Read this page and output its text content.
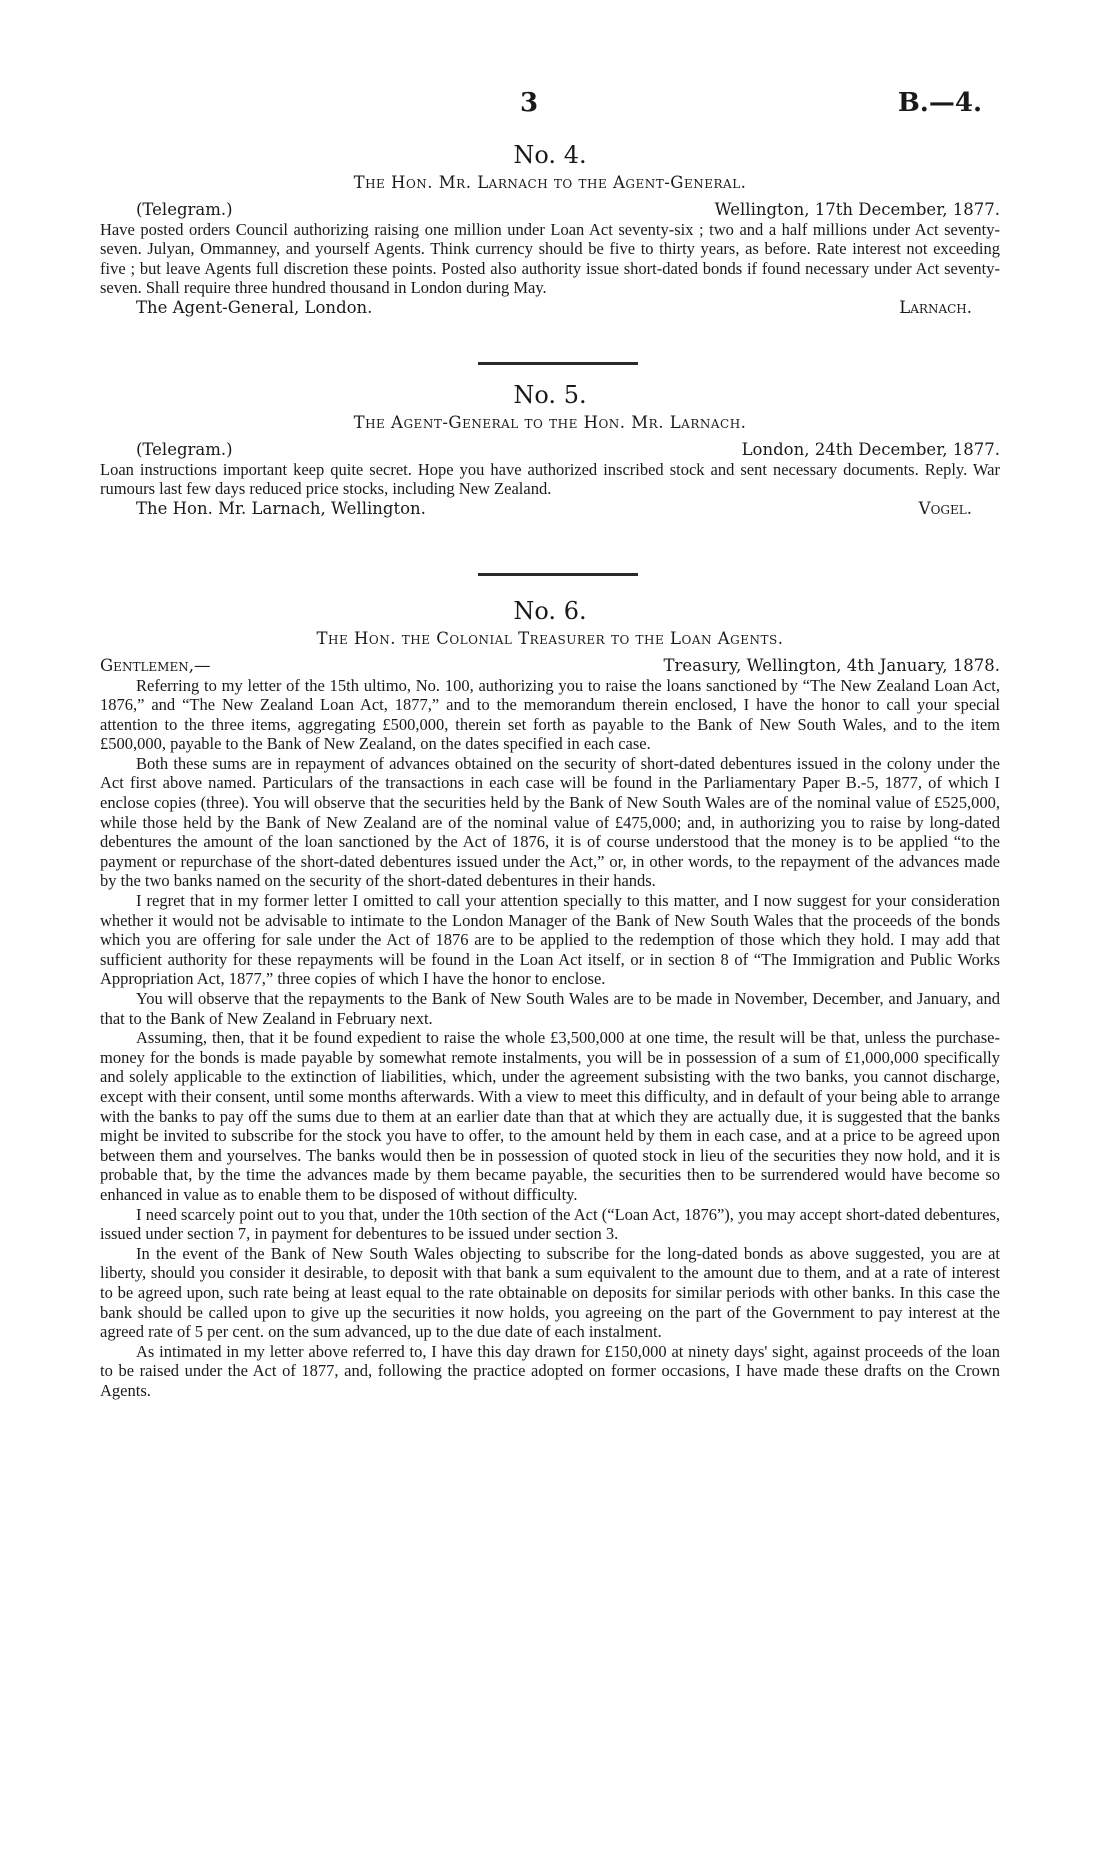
3	B.—4.

No. 4.

The Hon. Mr. Larnach to the Agent-General.

(Telegram.)	Wellington, 17th December, 1877.

Have posted orders Council authorizing raising one million under Loan Act seventy-six ; two and a half millions under Act seventy-seven. Julyan, Ommanney, and yourself Agents. Think currency should be five to thirty years, as before. Rate interest not exceeding five ; but leave Agents full discretion these points. Posted also authority issue short-dated bonds if found necessary under Act seventy-seven. Shall require three hundred thousand in London during May.

The Agent-General, London.	Larnach.

No. 5.

The Agent-General to the Hon. Mr. Larnach.

(Telegram.)	London, 24th December, 1877.

Loan instructions important keep quite secret. Hope you have authorized inscribed stock and sent necessary documents. Reply. War rumours last few days reduced price stocks, including New Zealand.

The Hon. Mr. Larnach, Wellington.	Vogel.

No. 6.

The Hon. the Colonial Treasurer to the Loan Agents.

Gentlemen,—	Treasury, Wellington, 4th January, 1878.

Referring to my letter of the 15th ultimo, No. 100, authorizing you to raise the loans sanctioned by “The New Zealand Loan Act, 1876,” and “The New Zealand Loan Act, 1877,” and to the memorandum therein enclosed, I have the honor to call your special attention to the three items, aggregating £500,000, therein set forth as payable to the Bank of New South Wales, and to the item £500,000, payable to the Bank of New Zealand, on the dates specified in each case.

Both these sums are in repayment of advances obtained on the security of short-dated debentures issued in the colony under the Act first above named. Particulars of the transactions in each case will be found in the Parliamentary Paper B.-5, 1877, of which I enclose copies (three). You will observe that the securities held by the Bank of New South Wales are of the nominal value of £525,000, while those held by the Bank of New Zealand are of the nominal value of £475,000; and, in authorizing you to raise by long-dated debentures the amount of the loan sanctioned by the Act of 1876, it is of course understood that the money is to be applied “to the payment or repurchase of the short-dated debentures issued under the Act,” or, in other words, to the repayment of the advances made by the two banks named on the security of the short-dated debentures in their hands.

I regret that in my former letter I omitted to call your attention specially to this matter, and I now suggest for your consideration whether it would not be advisable to intimate to the London Manager of the Bank of New South Wales that the proceeds of the bonds which you are offering for sale under the Act of 1876 are to be applied to the redemption of those which they hold. I may add that sufficient authority for these repayments will be found in the Loan Act itself, or in section 8 of “The Immigration and Public Works Appropriation Act, 1877,” three copies of which I have the honor to enclose.

You will observe that the repayments to the Bank of New South Wales are to be made in November, December, and January, and that to the Bank of New Zealand in February next.

Assuming, then, that it be found expedient to raise the whole £3,500,000 at one time, the result will be that, unless the purchase-money for the bonds is made payable by somewhat remote instalments, you will be in possession of a sum of £1,000,000 specifically and solely applicable to the extinction of liabilities, which, under the agreement subsisting with the two banks, you cannot discharge, except with their consent, until some months afterwards. With a view to meet this difficulty, and in default of your being able to arrange with the banks to pay off the sums due to them at an earlier date than that at which they are actually due, it is suggested that the banks might be invited to subscribe for the stock you have to offer, to the amount held by them in each case, and at a price to be agreed upon between them and yourselves. The banks would then be in possession of quoted stock in lieu of the securities they now hold, and it is probable that, by the time the advances made by them became payable, the securities then to be surrendered would have become so enhanced in value as to enable them to be disposed of without difficulty.

I need scarcely point out to you that, under the 10th section of the Act (“Loan Act, 1876”), you may accept short-dated debentures, issued under section 7, in payment for debentures to be issued under section 3.

In the event of the Bank of New South Wales objecting to subscribe for the long-dated bonds as above suggested, you are at liberty, should you consider it desirable, to deposit with that bank a sum equivalent to the amount due to them, and at a rate of interest to be agreed upon, such rate being at least equal to the rate obtainable on deposits for similar periods with other banks. In this case the bank should be called upon to give up the securities it now holds, you agreeing on the part of the Government to pay interest at the agreed rate of 5 per cent. on the sum advanced, up to the due date of each instalment.

As intimated in my letter above referred to, I have this day drawn for £150,000 at ninety days' sight, against proceeds of the loan to be raised under the Act of 1877, and, following the practice adopted on former occasions, I have made these drafts on the Crown Agents.
